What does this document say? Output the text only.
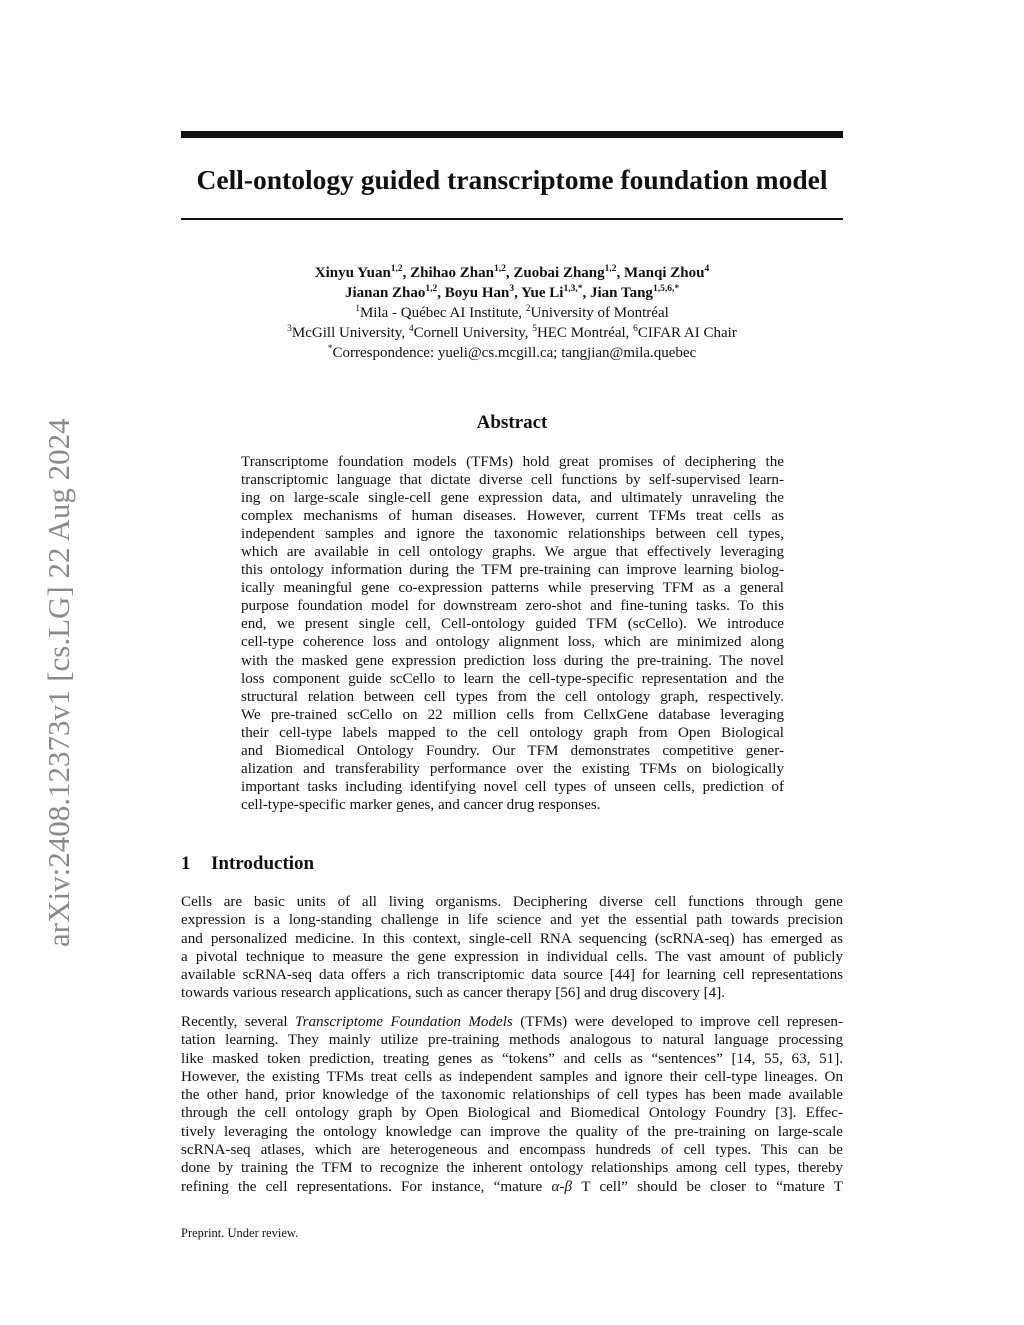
arXiv:2408.12373v1 [cs.LG] 22 Aug 2024
Cell-ontology guided transcriptome foundation model
Xinyu Yuan$^{1,2}$, Zhihao Zhan$^{1,2}$, Zuobai Zhang$^{1,2}$, Manqi Zhou$^4$
Jianan Zhao$^{1,2}$, Boyu Han$^3$, Yue $Li^{1,3,*}$, Jian Tang$^{1,5,6,*}$
$^1$Mila - Québec AI Institute, $^2$University of Montréal
$^3$McGill University, $^4$Cornell University, $^5$HEC Montréal, $^6$CIFAR AI Chair
*Correspondence: yueli@cs.mcgill.ca; tangjian@mila.quebec
Abstract
Transcriptome foundation models (TFMs) hold great promises of deciphering the
transcriptomic language that dictate diverse cell functions by self-supervised learn-
ing on large-scale single-cell gene expression data, and ultimately unraveling the
complex mechanisms of human diseases. However, current TFMs treat cells as
independent samples and ignore the taxonomic relationships between cell types,
which are available in cell ontology graphs. We argue that effectively leveraging
this ontology information during the TFM pre-training can improve learning biolog-
ically meaningful gene co-expression patterns while preserving TFM as a general
purpose foundation model for downstream zero-shot and fine-tuning tasks. To this
end, we present single cell, Cell-ontology guided TFM (scCello). We introduce
cell-type coherence loss and ontology alignment loss, which are minimized along
with the masked gene expression prediction loss during the pre-training. The novel
loss component guide scCello to learn the cell-type-specific representation and the
structural relation between cell types from the cell ontology graph, respectively.
We pre-trained scCello on 22 million cells from CellxGene database leveraging
their cell-type labels mapped to the cell ontology graph from Open Biological
and Biomedical Ontology Foundry. Our TFM demonstrates competitive gener-
alization and transferability performance over the existing TFMs on biologically
important tasks including identifying novel cell types of unseen cells, prediction of
cell-type-specific marker genes, and cancer drug responses.
1 Introduction
Cells are basic units of all living organisms. Deciphering diverse cell functions through gene
expression is a long-standing challenge in life science and yet the essential path towards precision
and personalized medicine. In this context, single-cell RNA sequencing (scRNA-seq) has emerged as
a pivotal technique to measure the gene expression in individual cells. The vast amount of publicly
available scRNA-seq data offers a rich transcriptomic data source [44] for learning cell representations
towards various research applications, such as cancer therapy [56] and drug discovery [4].
Recently, several Transcriptome Foundation Models (TFMs) were developed to improve cell represen-
tation learning. They mainly utilize pre-training methods analogous to natural language processing
like masked token prediction, treating genes as “tokens” and cells as “sentences” [14, 55, 63, 51].
However, the existing TFMs treat cells as independent samples and ignore their cell-type lineages. On
the other hand, prior knowledge of the taxonomic relationships of cell types has been made available
through the cell ontology graph by Open Biological and Biomedical Ontology Foundry [3]. Effec-
tively leveraging the ontology knowledge can improve the quality of the pre-training on large-scale
scRNA-seq atlases, which are heterogeneous and encompass hundreds of cell types. This can be
done by training the TFM to recognize the inherent ontology relationships among cell types, thereby
refining the cell representations. For instance, “mature α-β T cell” should be closer to “mature T
Preprint. Under review.
